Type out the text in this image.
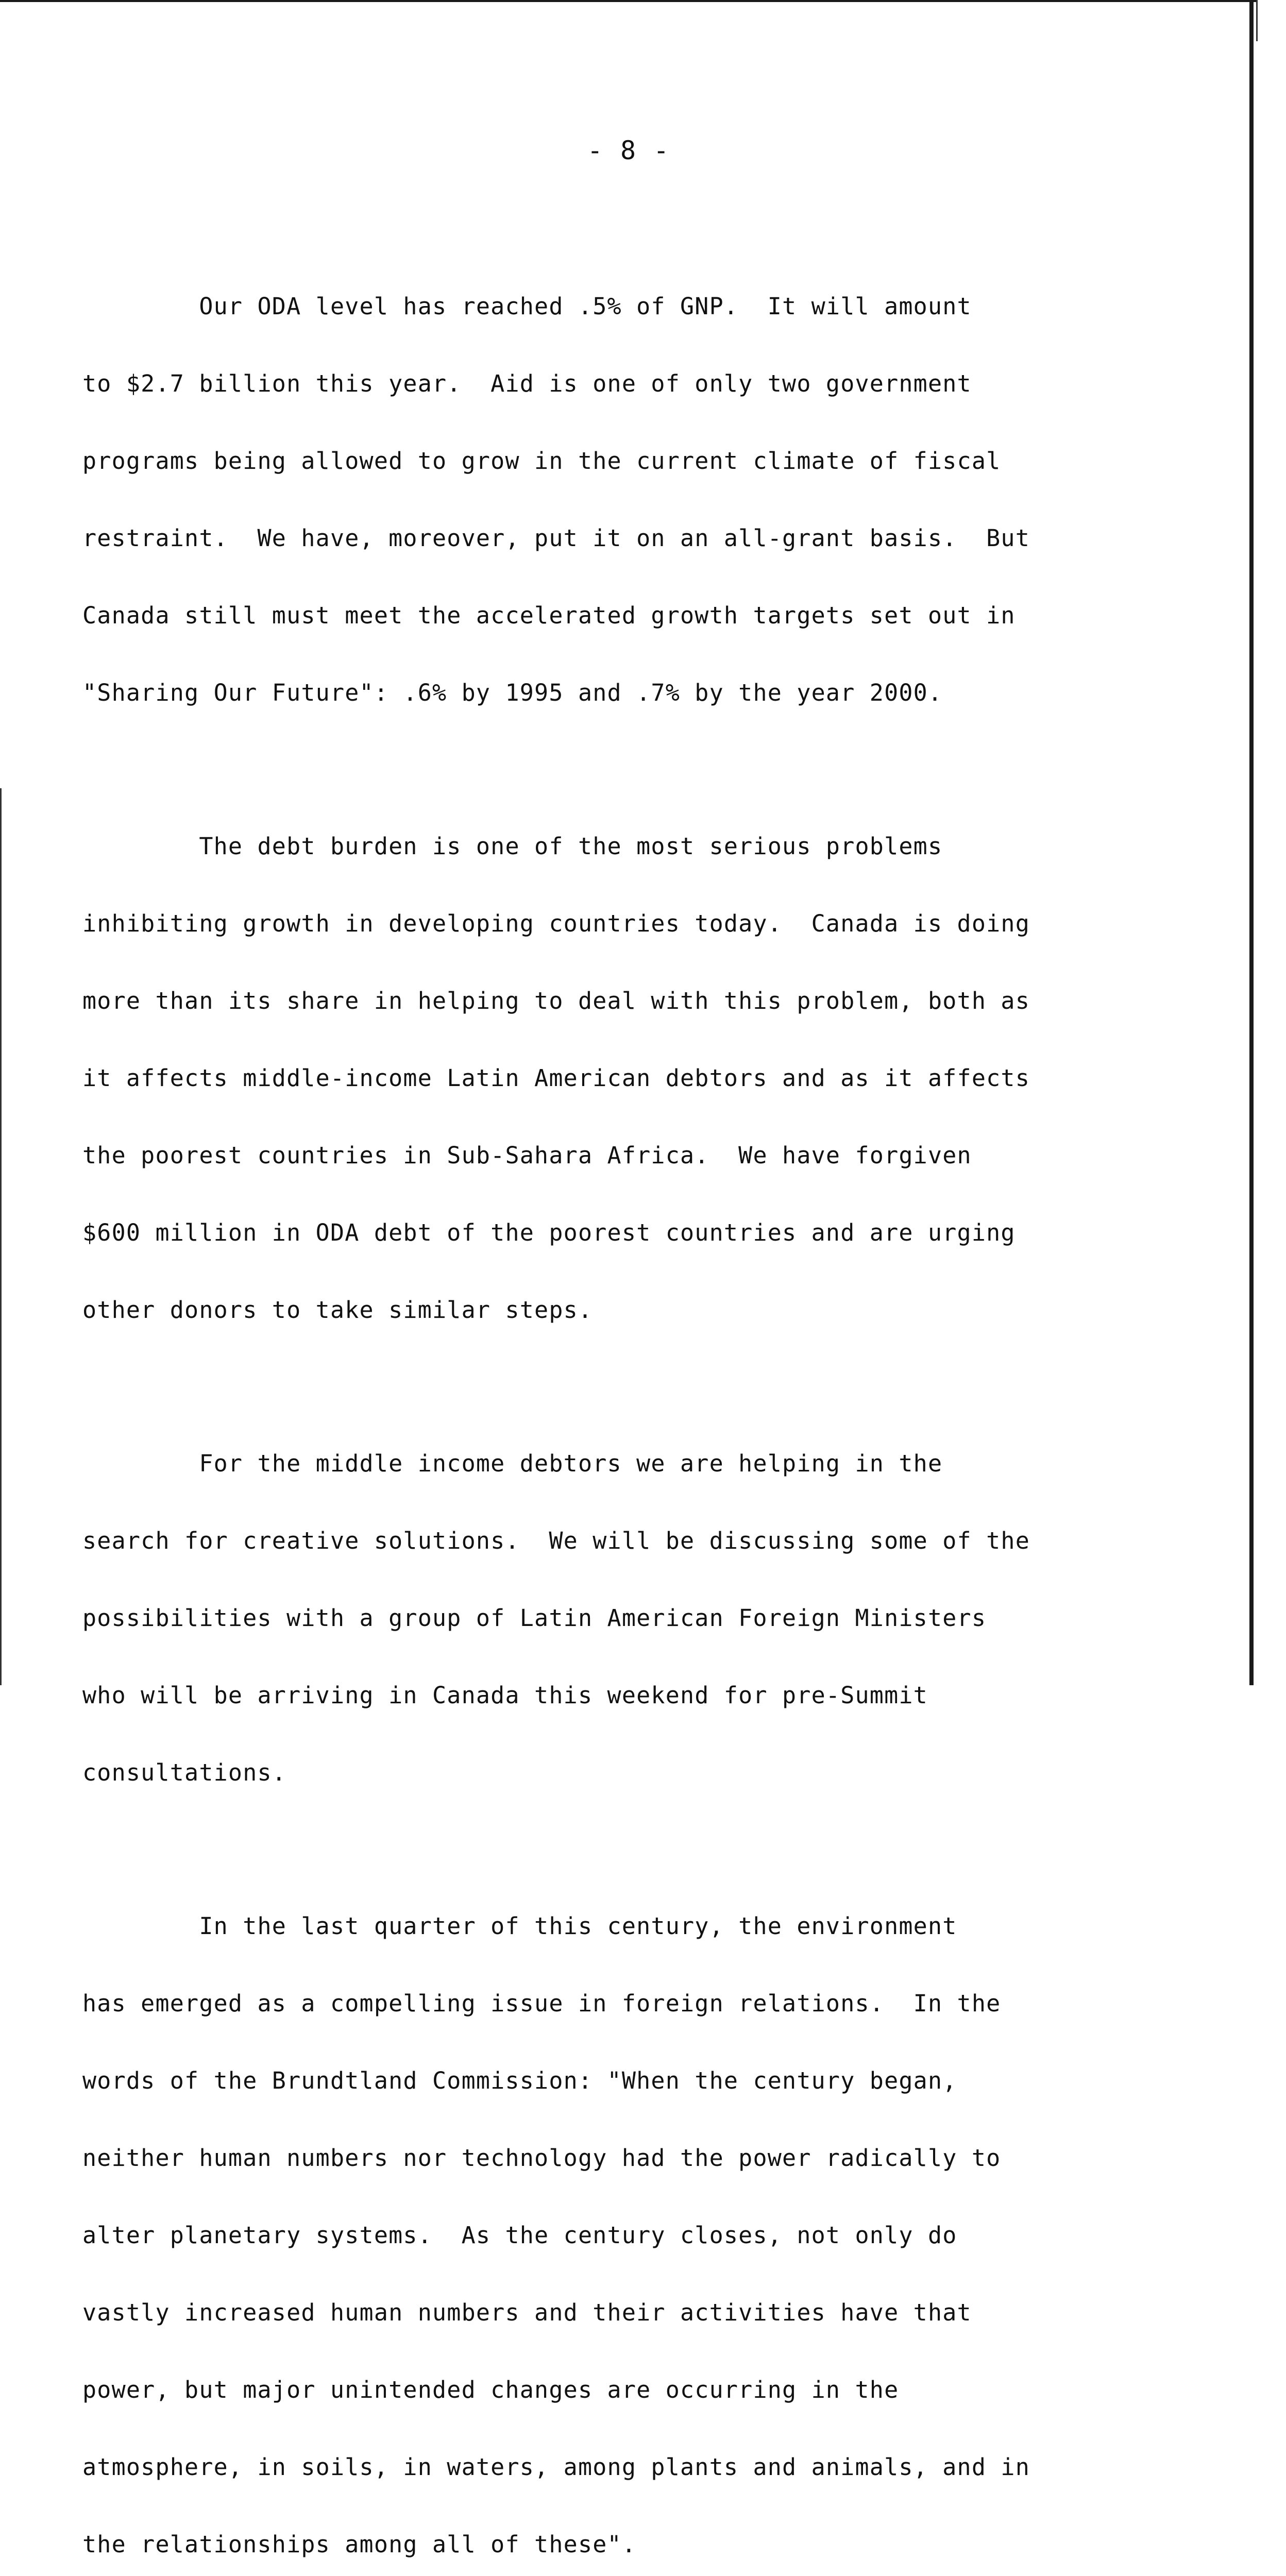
- 8 -

Our ODA level has reached .5% of GNP.  It will amount

to $2.7 billion this year.  Aid is one of only two government

programs being allowed to grow in the current climate of fiscal

restraint.  We have, moreover, put it on an all-grant basis.  But

Canada still must meet the accelerated growth targets set out in

"Sharing Our Future": .6% by 1995 and .7% by the year 2000.

The debt burden is one of the most serious problems

inhibiting growth in developing countries today.  Canada is doing

more than its share in helping to deal with this problem, both as

it affects middle-income Latin American debtors and as it affects

the poorest countries in Sub-Sahara Africa.  We have forgiven

$600 million in ODA debt of the poorest countries and are urging

other donors to take similar steps.

For the middle income debtors we are helping in the

search for creative solutions.  We will be discussing some of the

possibilities with a group of Latin American Foreign Ministers

who will be arriving in Canada this weekend for pre-Summit

consultations.

In the last quarter of this century, the environment

has emerged as a compelling issue in foreign relations.  In the

words of the Brundtland Commission: "When the century began,

neither human numbers nor technology had the power radically to

alter planetary systems.  As the century closes, not only do

vastly increased human numbers and their activities have that

power, but major unintended changes are occurring in the

atmosphere, in soils, in waters, among plants and animals, and in

the relationships among all of these".
